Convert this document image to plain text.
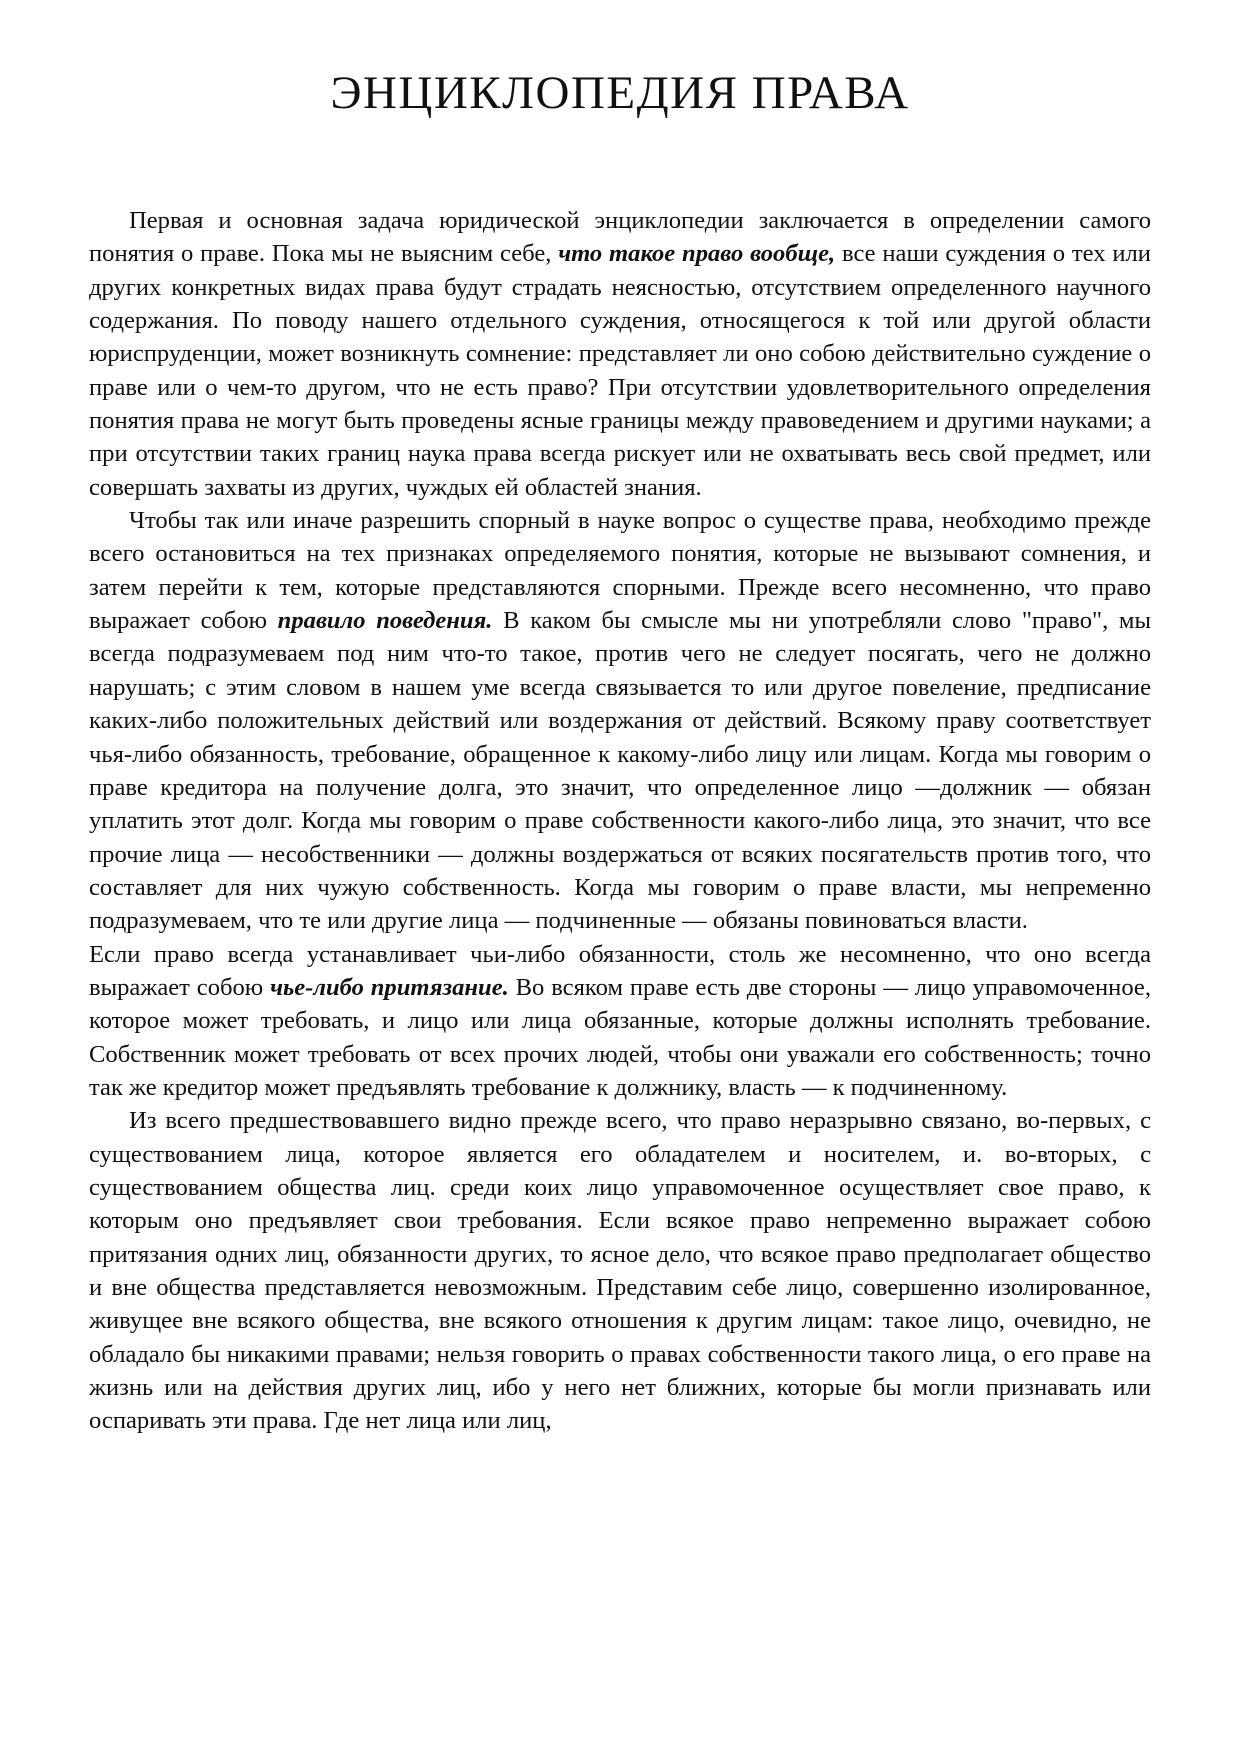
ЭНЦИКЛОПЕДИЯ ПРАВА

Первая и основная задача юридической энциклопедии заключается в определении самого понятия о праве. Пока мы не выясним себе, что такое право вообще, все наши суждения о тех или других конкретных видах права будут страдать неясностью, отсутствием определенного научного содержания. По поводу нашего отдельного суждения, относящегося к той или другой области юриспруденции, может возникнуть сомнение: представляет ли оно собою действительно суждение о праве или о чем-то другом, что не есть право? При отсутствии удовлетворительного определения понятия права не могут быть проведены ясные границы между правоведением и другими науками; а при отсутствии таких границ наука права всегда рискует или не охватывать весь свой предмет, или совершать захваты из других, чуждых ей областей знания.

Чтобы так или иначе разрешить спорный в науке вопрос о существе права, необходимо прежде всего остановиться на тех признаках определяемого понятия, которые не вызывают сомнения, и затем перейти к тем, которые представляются спорными. Прежде всего несомненно, что право выражает собою правило поведения. В каком бы смысле мы ни употребляли слово "право", мы всегда подразумеваем под ним что-то такое, против чего не следует посягать, чего не должно нарушать; с этим словом в нашем уме всегда связывается то или другое повеление, предписание каких-либо положительных действий или воздержания от действий. Всякому праву соответствует чья-либо обязанность, требование, обращенное к какому-либо лицу или лицам. Когда мы говорим о праве кредитора на получение долга, это значит, что определенное лицо —должник — обязан уплатить этот долг. Когда мы говорим о праве собственности какого-либо лица, это значит, что все прочие лица — несобственники — должны воздержаться от всяких посягательств против того, что составляет для них чужую собственность. Когда мы говорим о праве власти, мы непременно подразумеваем, что те или другие лица — подчиненные — обязаны повиноваться власти.

Если право всегда устанавливает чьи-либо обязанности, столь же несомненно, что оно всегда выражает собою чье-либо притязание. Во всяком праве есть две стороны — лицо управомоченное, которое может требовать, и лицо или лица обязанные, которые должны исполнять требование. Собственник может требовать от всех прочих людей, чтобы они уважали его собственность; точно так же кредитор может предъявлять требование к должнику, власть — к подчиненному.

Из всего предшествовавшего видно прежде всего, что право неразрывно связано, во-первых, с существованием лица, которое является его обладателем и носителем, и. во-вторых, с существованием общества лиц. среди коих лицо управомоченное осуществляет свое право, к которым оно предъявляет свои требования. Если всякое право непременно выражает собою притязания одних лиц, обязанности других, то ясное дело, что всякое право предполагает общество и вне общества представляется невозможным. Представим себе лицо, совершенно изолированное, живущее вне всякого общества, вне всякого отношения к другим лицам: такое лицо, очевидно, не обладало бы никакими правами; нельзя говорить о правах собственности такого лица, о его праве на жизнь или на действия других лиц, ибо у него нет ближних, которые бы могли признавать или оспаривать эти права. Где нет лица или лиц,
